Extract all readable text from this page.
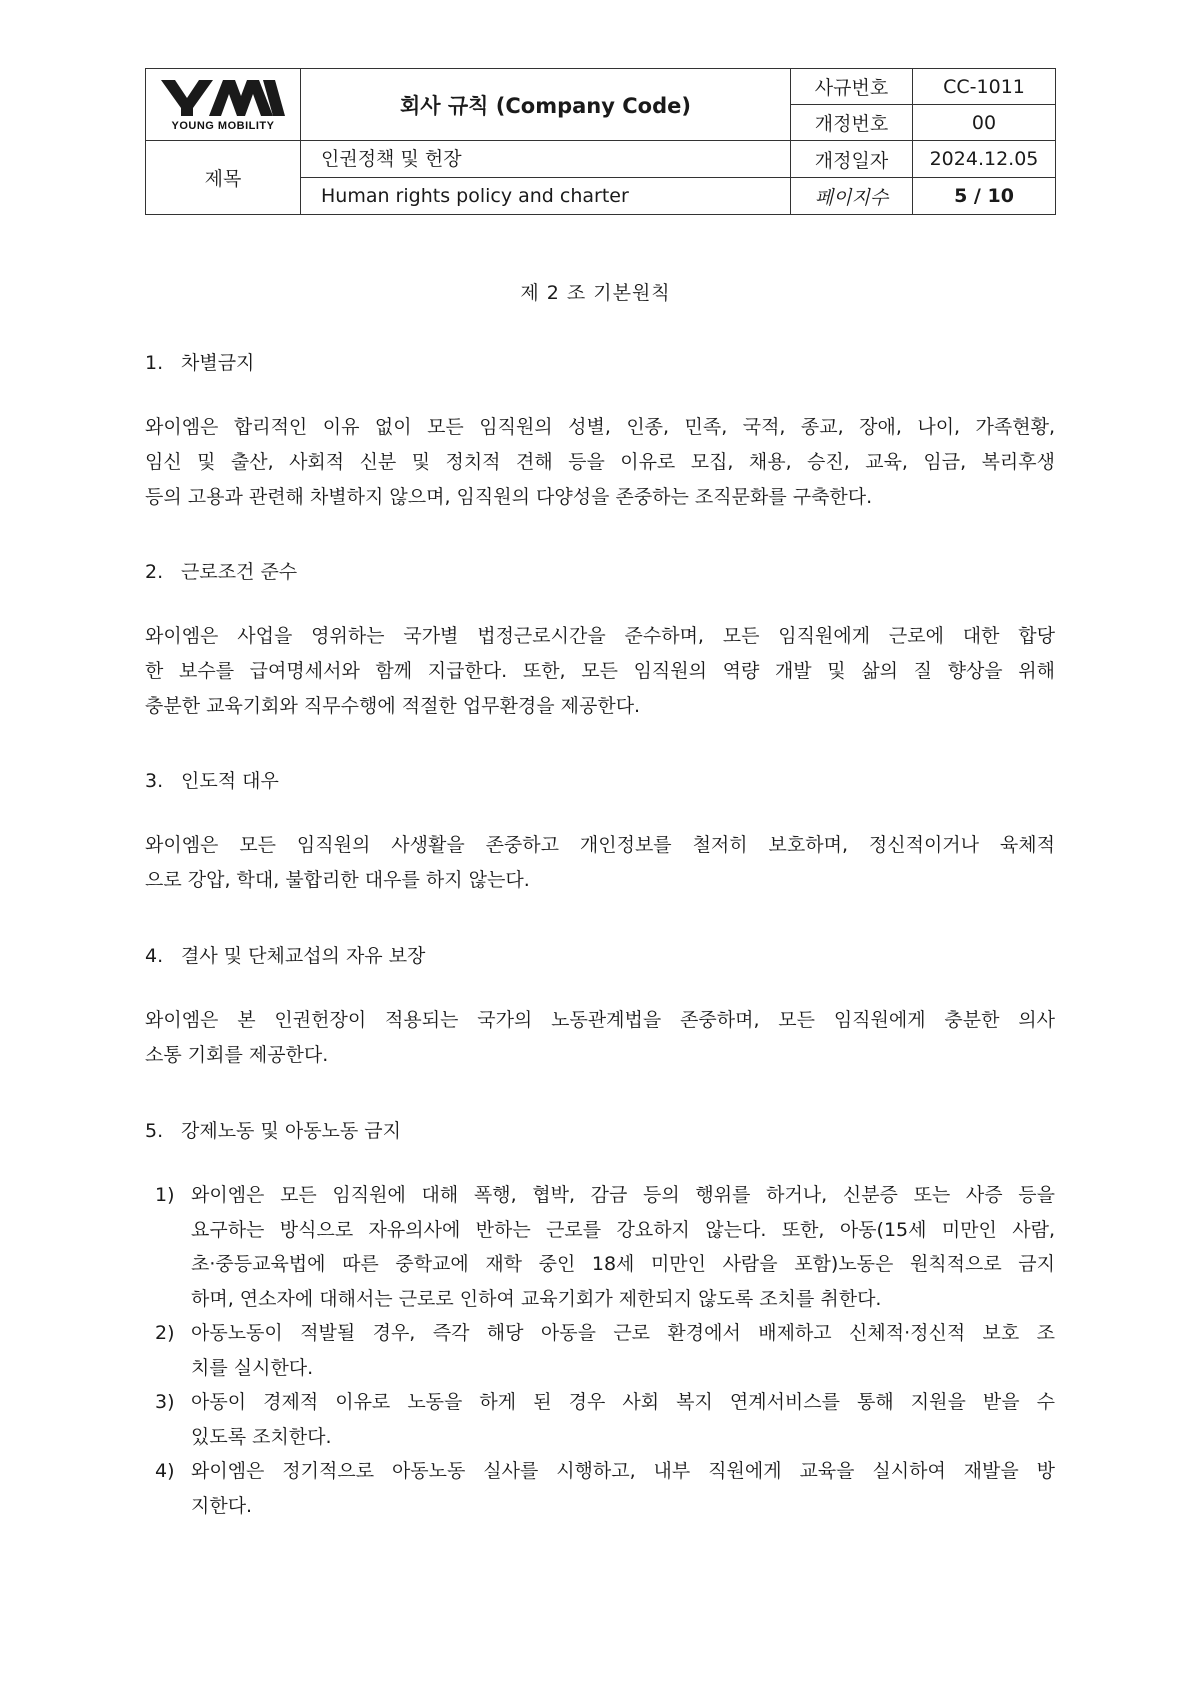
YOUNG MOBILITY	회사 규칙 (Company Code)	사규번호	CC-1011
		개정번호	00
제목	인권정책 및 헌장	개정일자	2024.12.05

	Human rights policy and charter	페이지수	5 / 10
제 2 조 기본원칙
1. 차별금지
와이엠은 합리적인 이유 없이 모든 임직원의 성별, 인종, 민족, 국적, 종교, 장애, 나이, 가족현황,
임신 및 출산, 사회적 신분 및 정치적 견해 등을 이유로 모집, 채용, 승진, 교육, 임금, 복리후생
등의 고용과 관련해 차별하지 않으며, 임직원의 다양성을 존중하는 조직문화를 구축한다.
2. 근로조건 준수
와이엠은 사업을 영위하는 국가별 법정근로시간을 준수하며, 모든 임직원에게 근로에 대한 합당
한 보수를 급여명세서와 함께 지급한다. 또한, 모든 임직원의 역량 개발 및 삶의 질 향상을 위해
충분한 교육기회와 직무수행에 적절한 업무환경을 제공한다.
3. 인도적 대우
와이엠은 모든 임직원의 사생활을 존중하고 개인정보를 철저히 보호하며, 정신적이거나 육체적
으로 강압, 학대, 불합리한 대우를 하지 않는다.
4. 결사 및 단체교섭의 자유 보장
와이엠은 본 인권헌장이 적용되는 국가의 노동관계법을 존중하며, 모든 임직원에게 충분한 의사
소통 기회를 제공한다.
5. 강제노동 및 아동노동 금지
1) 와이엠은 모든 임직원에 대해 폭행, 협박, 감금 등의 행위를 하거나, 신분증 또는 사증 등을
요구하는 방식으로 자유의사에 반하는 근로를 강요하지 않는다. 또한, 아동(15세 미만인 사람,
초·중등교육법에 따른 중학교에 재학 중인 18세 미만인 사람을 포함)노동은 원칙적으로 금지
하며, 연소자에 대해서는 근로로 인하여 교육기회가 제한되지 않도록 조치를 취한다.
2) 아동노동이 적발될 경우, 즉각 해당 아동을 근로 환경에서 배제하고 신체적·정신적 보호 조
치를 실시한다.
3) 아동이 경제적 이유로 노동을 하게 된 경우 사회 복지 연계서비스를 통해 지원을 받을 수
있도록 조치한다.
4) 와이엠은 정기적으로 아동노동 실사를 시행하고, 내부 직원에게 교육을 실시하여 재발을 방
지한다.
